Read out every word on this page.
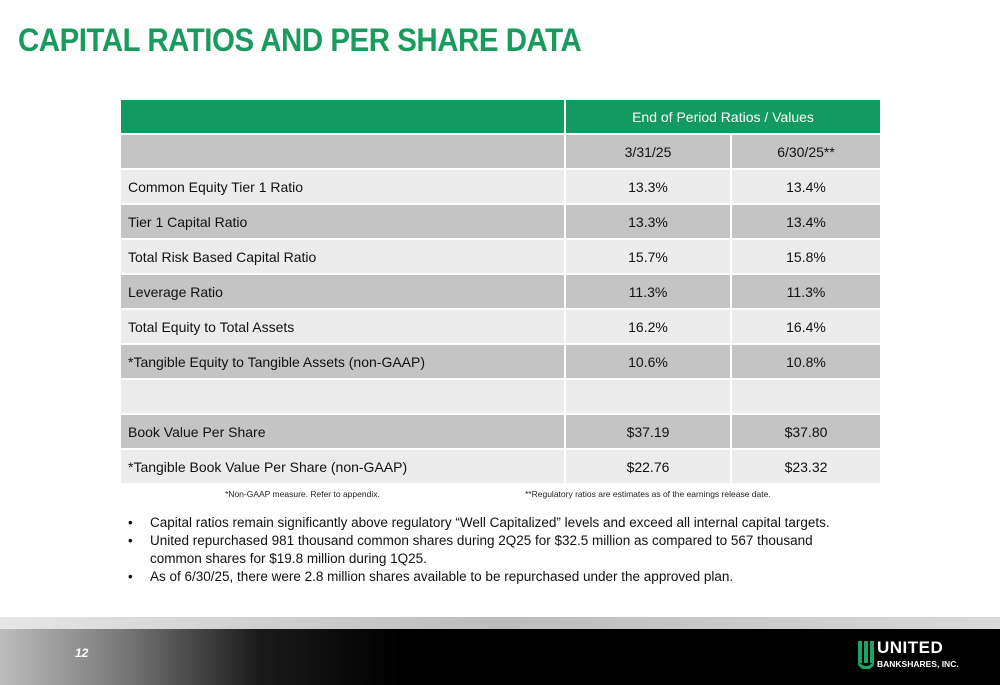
CAPITAL RATIOS AND PER SHARE DATA
	End of Period Ratios / Values	
	3/31/25	6/30/25**
Common Equity Tier 1 Ratio	13.3%	13.4%
Tier 1 Capital Ratio	13.3%	13.4%
Total Risk Based Capital Ratio	15.7%	15.8%
Leverage Ratio	11.3%	11.3%
Total Equity to Total Assets	16.2%	16.4%
*Tangible Equity to Tangible Assets (non-GAAP)	10.6%	10.8%

Book Value Per Share	$37.19	$37.80
*Tangible Book Value Per Share (non-GAAP)	$22.76	$23.32
*Non-GAAP measure. Refer to appendix.	**Regulatory ratios are estimates as of the earnings release date.
• Capital ratios remain significantly above regulatory “Well Capitalized” levels and exceed all internal capital targets.
• United repurchased 981 thousand common shares during 2Q25 for $32.5 million as compared to 567 thousand common shares for $19.8 million during 1Q25.
• As of 6/30/25, there were 2.8 million shares available to be repurchased under the approved plan.
12	UNITED
BANKSHARES, INC.
